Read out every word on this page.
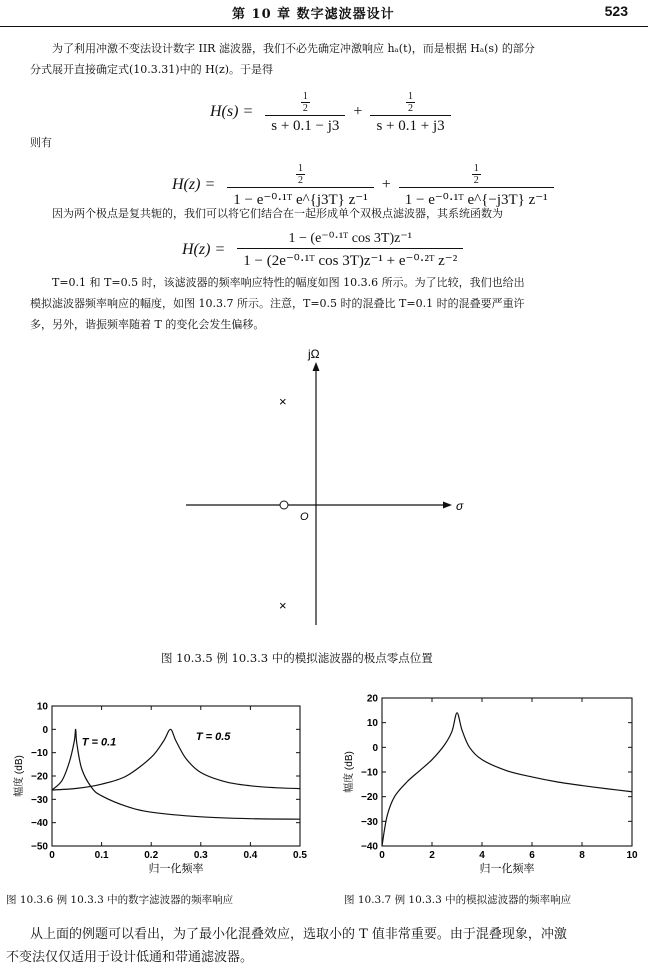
第 10 章 数字滤波器设计	523

为了利用冲激不变法设计数字 IIR 滤波器，我们不必先确定冲激响应 hₐ(t)，而是根据 Hₐ(s) 的部分

分式展开直接确定式(10.3.31)中的 H(z)。于是得

$H(s) = \frac{\frac{1}{2}}{s + 0.1 - j3} + \frac{\frac{1}{2}}{s + 0.1 + j3}$

则有

$H(z) = \frac{\frac{1}{2}}{\text{1 − e⁻⁰·¹ᵀ e\textasciicircum{}\{j3T\} z⁻¹}} + \frac{\frac{1}{2}}{\text{1 − e⁻⁰·¹ᵀ e\textasciicircum{}\{−j3T\} z⁻¹}}$

因为两个极点是复共轭的，我们可以将它们结合在一起形成单个双极点滤波器，其系统函数为

$H(z) = \frac{\text{1 − (e⁻⁰·¹ᵀ cos 3T)z⁻¹}}{\text{1 − (2e⁻⁰·¹ᵀ cos 3T)z⁻¹ + e⁻⁰·²ᵀ z⁻²}}$

T=0.1 和 T=0.5 时，该滤波器的频率响应特性的幅度如图 10.3.6 所示。为了比较，我们也给出

模拟滤波器频率响应的幅度，如图 10.3.7 所示。注意，T=0.5 时的混叠比 T=0.1 时的混叠要严重许

多，另外，谐振频率随着 T 的变化会发生偏移。

jΩ
σ
O
×
×
图 10.3.5 例 10.3.3 中的模拟滤波器的极点零点位置
0	0.1	0.2	0.3	0.4	0.5
10
0
−10
−20
−30
−40
−50
归一化频率
幅度 (dB)
T = 0.1	T = 0.5
0	2	4	6	8	10
20
10
0
−10
−20
−30
−40
归一化频率
幅度 (dB)
图 10.3.6 例 10.3.3 中的数字滤波器的频率响应	图 10.3.7 例 10.3.3 中的模拟滤波器的频率响应

从上面的例题可以看出，为了最小化混叠效应，选取小的 T 值非常重要。由于混叠现象，冲激

不变法仅仅适用于设计低通和带通滤波器。
